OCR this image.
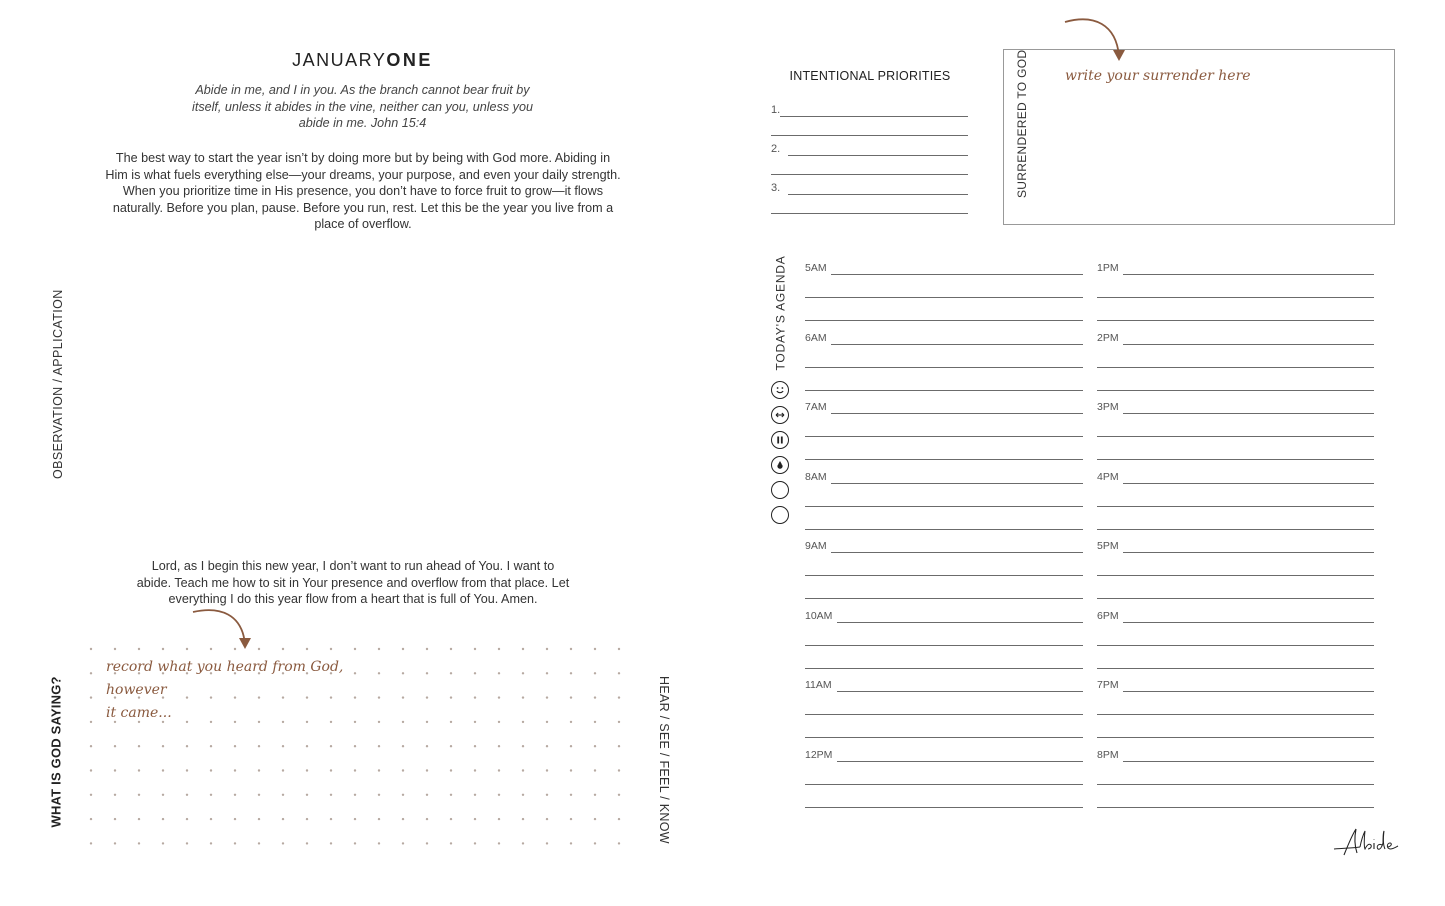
JANUARYONE
Abide in me, and I in you. As the branch cannot bear fruit by
itself, unless it abides in the vine, neither can you, unless you
abide in me. John 15:4
The best way to start the year isn’t by doing more but by being with God more. Abiding in
Him is what fuels everything else—your dreams, your purpose, and even your daily strength.
When you prioritize time in His presence, you don’t have to force fruit to grow—it flows
naturally. Before you plan, pause. Before you run, rest. Let this be the year you live from a
place of overflow.
OBSERVATION / APPLICATION
Lord, as I begin this new year, I don’t want to run ahead of You. I want to
abide. Teach me how to sit in Your presence and overflow from that place. Let
everything I do this year flow from a heart that is full of You. Amen.
record what you heard from God, however
it came...
WHAT IS GOD SAYING?	HEAR / SEE / FEEL / KNOW
INTENTIONAL PRIORITIES
1.
2.
3.	SURRENDERED TO GOD	write your surrender here
TODAY'S AGENDA 5AM
6AM
7AM
8AM
9AM
10AM
11AM
12PM
1PM
2PM
3PM
4PM
5PM
6PM
7PM
8PM
